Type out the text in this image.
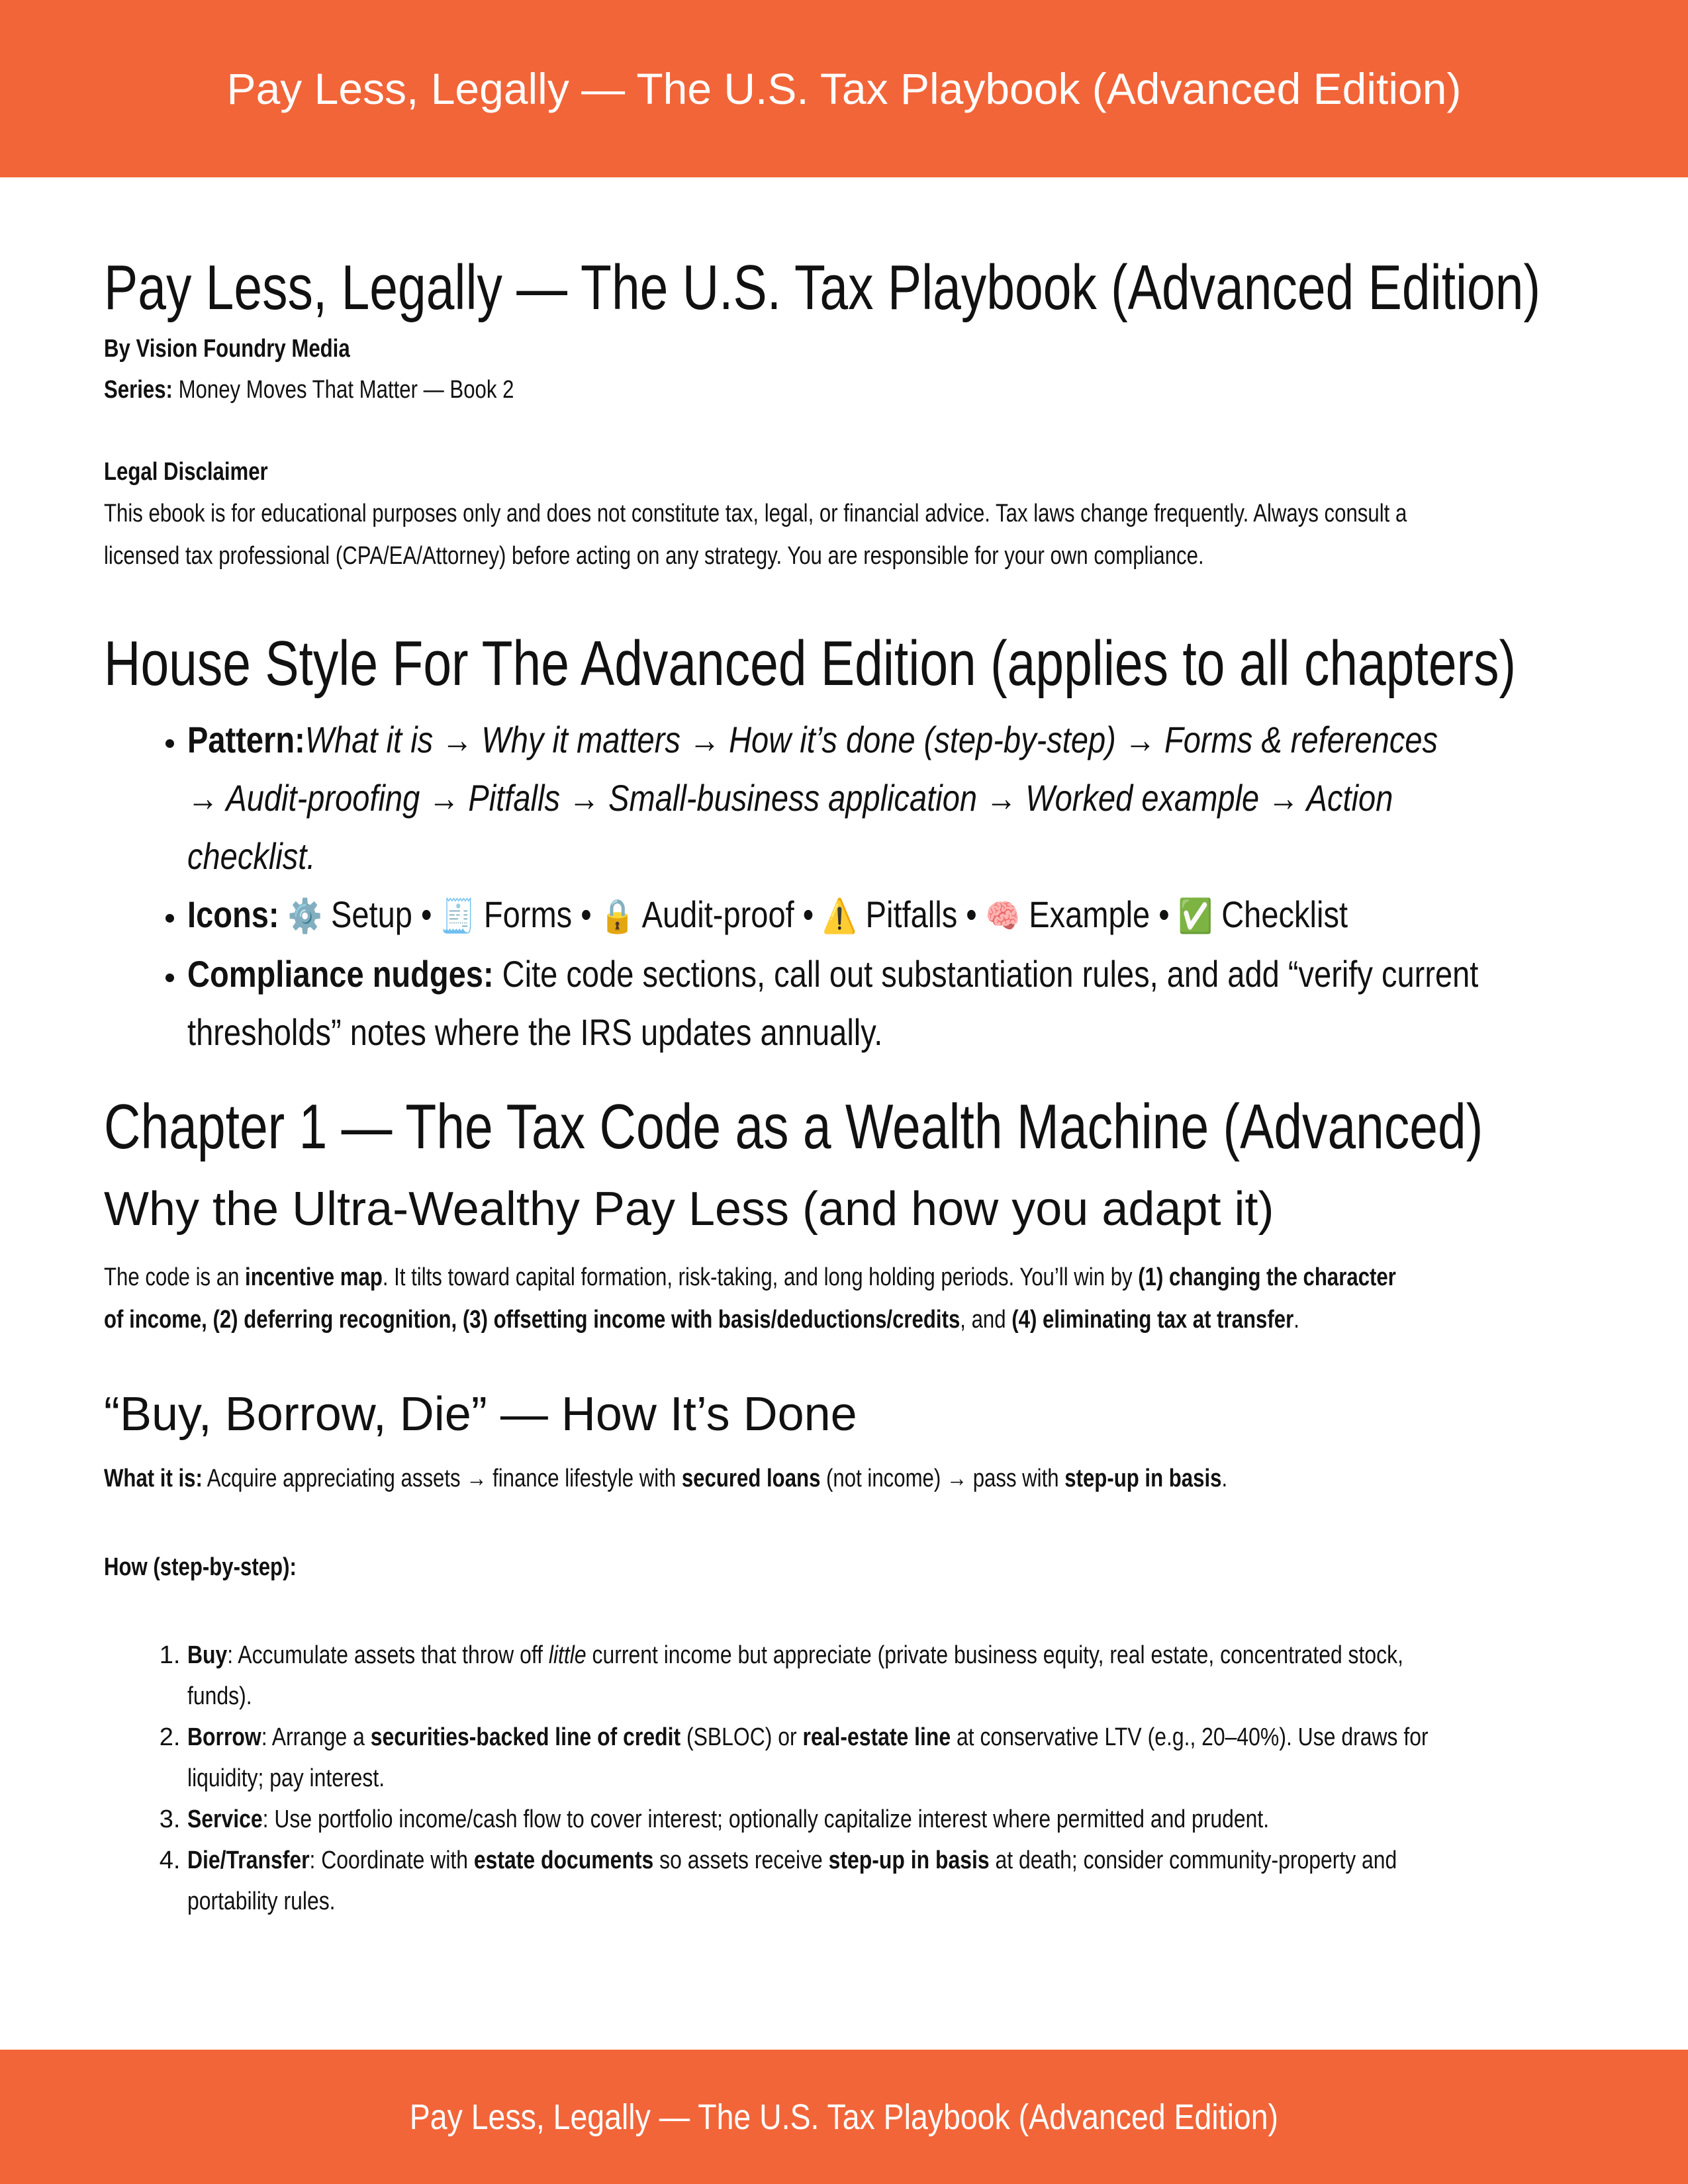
Pay Less, Legally — The U.S. Tax Playbook (Advanced Edition)
Pay Less, Legally — The U.S. Tax Playbook (Advanced Edition)
By Vision Foundry Media
Series: Money Moves That Matter — Book 2
Legal Disclaimer
This ebook is for educational purposes only and does not constitute tax, legal, or financial advice. Tax laws change frequently. Always consult a
licensed tax professional (CPA/EA/Attorney) before acting on any strategy. You are responsible for your own compliance.
House Style For The Advanced Edition (applies to all chapters)
• Pattern:What it is → Why it matters → How it’s done (step-by-step) → Forms & references
→ Audit-proofing → Pitfalls → Small-business application → Worked example → Action
checklist.
• Icons: ⚙️ Setup • 🧾 Forms • 🔒 Audit-proof • ⚠️ Pitfalls • 🧠 Example • ✅ Checklist
• Compliance nudges: Cite code sections, call out substantiation rules, and add “verify current
thresholds” notes where the IRS updates annually.
Chapter 1 — The Tax Code as a Wealth Machine (Advanced)
Why the Ultra-Wealthy Pay Less (and how you adapt it)
The code is an incentive map. It tilts toward capital formation, risk-taking, and long holding periods. You’ll win by (1) changing the character
of income, (2) deferring recognition, (3) offsetting income with basis/deductions/credits, and (4) eliminating tax at transfer.
“Buy, Borrow, Die” — How It’s Done
What it is: Acquire appreciating assets → finance lifestyle with secured loans (not income) → pass with step-up in basis.
How (step-by-step):
1. Buy: Accumulate assets that throw off little current income but appreciate (private business equity, real estate, concentrated stock,
funds).
2. Borrow: Arrange a securities-backed line of credit (SBLOC) or real-estate line at conservative LTV (e.g., 20–40%). Use draws for
liquidity; pay interest.
3. Service: Use portfolio income/cash flow to cover interest; optionally capitalize interest where permitted and prudent.
4. Die/Transfer: Coordinate with estate documents so assets receive step-up in basis at death; consider community-property and
portability rules.
Pay Less, Legally — The U.S. Tax Playbook (Advanced Edition)
